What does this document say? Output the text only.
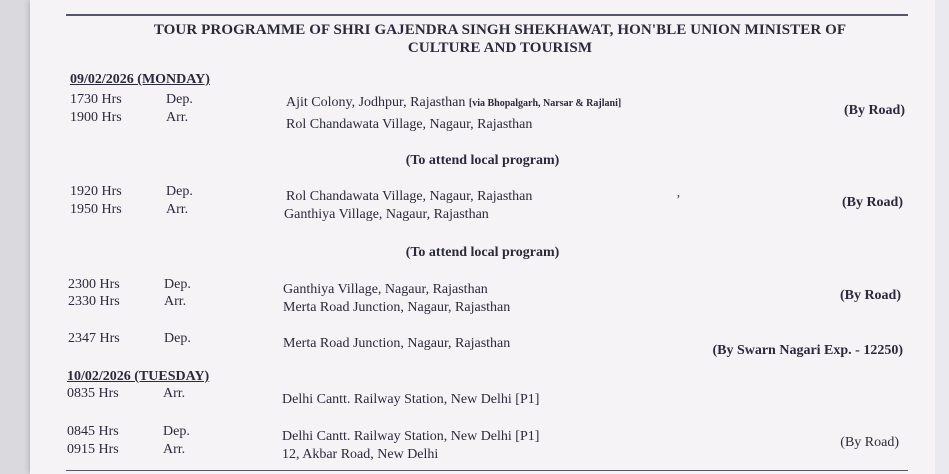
TOUR PROGRAMME OF SHRI GAJENDRA SINGH SHEKHAWAT, HON'BLE UNION MINISTER OF
CULTURE AND TOURISM
09/02/2026 (MONDAY)
1730 Hrs	Dep.	Ajit Colony, Jodhpur, Rajasthan [via Bhopalgarh, Narsar & Rajlani]	(By Road)
1900 Hrs	Arr.	Rol Chandawata Village, Nagaur, Rajasthan
(To attend local program)
1920 Hrs	Dep.	Rol Chandawata Village, Nagaur, Rajasthan	’	(By Road)
1950 Hrs	Arr.	Ganthiya Village, Nagaur, Rajasthan
(To attend local program)
2300 Hrs	Dep.	Ganthiya Village, Nagaur, Rajasthan	(By Road)
2330 Hrs	Arr.	Merta Road Junction, Nagaur, Rajasthan
2347 Hrs	Dep.	Merta Road Junction, Nagaur, Rajasthan	(By Swarn Nagari Exp. - 12250)
10/02/2026 (TUESDAY)
0835 Hrs	Arr.	Delhi Cantt. Railway Station, New Delhi [P1]
0845 Hrs	Dep.	Delhi Cantt. Railway Station, New Delhi [P1]	(By Road)
0915 Hrs	Arr.	12, Akbar Road, New Delhi
